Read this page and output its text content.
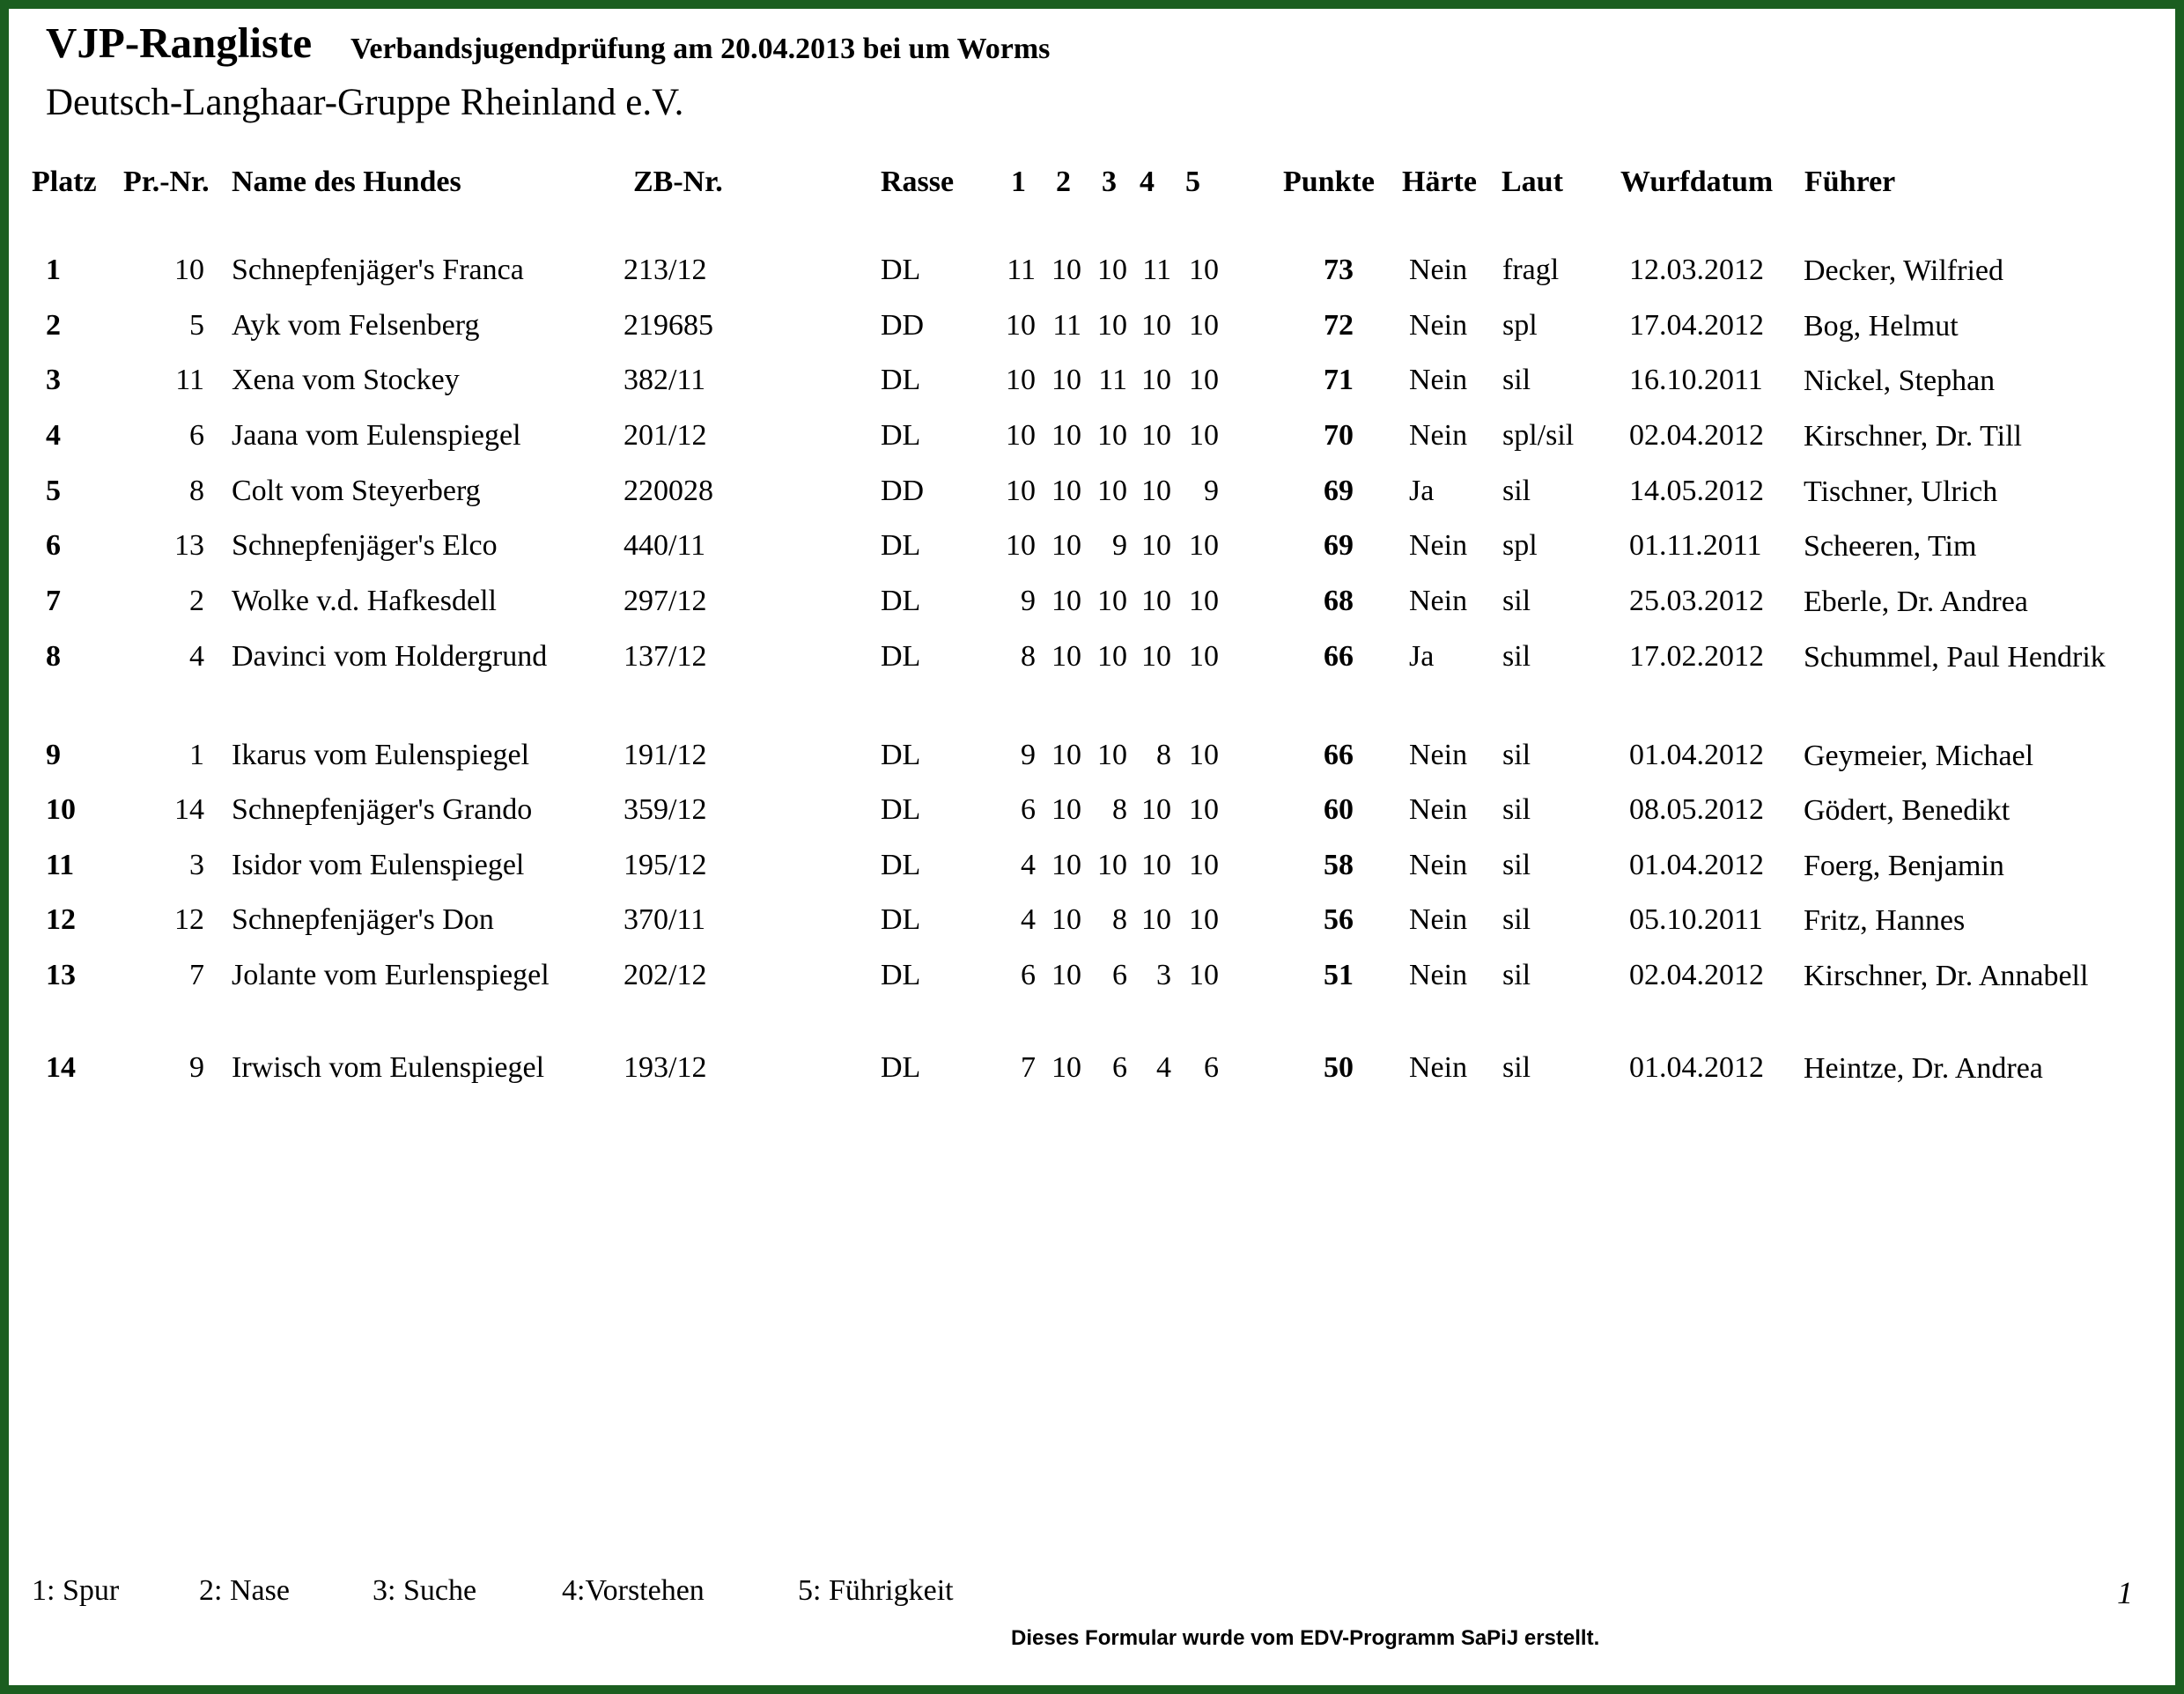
VJP-Rangliste Verbandsjugendprüfung am 20.04.2013 bei um Worms
Deutsch-Langhaar-Gruppe Rheinland e.V.
Platz Pr.-Nr. Name des Hundes	ZB-Nr.	Rasse 1 2 3 4 5	Punkte Härte Laut Wurfdatum Führer
1	10 Schnepfenjäger's Franca	213/12	DL	11 10 10 11 10	73 Nein fragl 12.03.2012 Decker, Wilfried
2	5 Ayk vom Felsenberg	219685	DD	10 11 10 10 10	72 Nein spl	17.04.2012 Bog, Helmut
3	11 Xena vom Stockey	382/11	DL	10 10 11 10 10	71 Nein sil	16.10.2011 Nickel, Stephan
4	6 Jaana vom Eulenspiegel	201/12	DL	10 10 10 10 10	70 Nein spl/sil 02.04.2012 Kirschner, Dr. Till
5	8 Colt vom Steyerberg	220028	DD	10 10 10 10 9	69 Ja sil	14.05.2012 Tischner, Ulrich
6	13 Schnepfenjäger's Elco	440/11	DL	10 10 9 10 10	69 Nein spl	01.11.2011 Scheeren, Tim
7	2 Wolke v.d. Hafkesdell	297/12	DL	9 10 10 10 10	68 Nein sil	25.03.2012 Eberle, Dr. Andrea
8	4 Davinci vom Holdergrund	137/12	DL	8 10 10 10 10	66 Ja sil	17.02.2012 Schummel, Paul Hendrik
9	1 Ikarus vom Eulenspiegel	191/12	DL	9 10 10 8 10	66 Nein sil	01.04.2012 Geymeier, Michael
10	14 Schnepfenjäger's Grando	359/12	DL	6 10 8 10 10	60 Nein sil	08.05.2012 Gödert, Benedikt
11	3 Isidor vom Eulenspiegel	195/12	DL	4 10 10 10 10	58 Nein sil	01.04.2012 Foerg, Benjamin
12	12 Schnepfenjäger's Don	370/11	DL	4 10 8 10 10	56 Nein sil	05.10.2011 Fritz, Hannes
13	7 Jolante vom Eurlenspiegel 202/12	DL	6 10 6 3 10	51 Nein sil	02.04.2012 Kirschner, Dr. Annabell
14	9 Irwisch vom Eulenspiegel	193/12	DL	7 10 6 4 6	50 Nein sil	01.04.2012 Heintze, Dr. Andrea
1: Spur	2: Nase	3: Suche	4:Vorstehen	5: Führigkeit	1
Dieses Formular wurde vom EDV-Programm SaPiJ erstellt.
